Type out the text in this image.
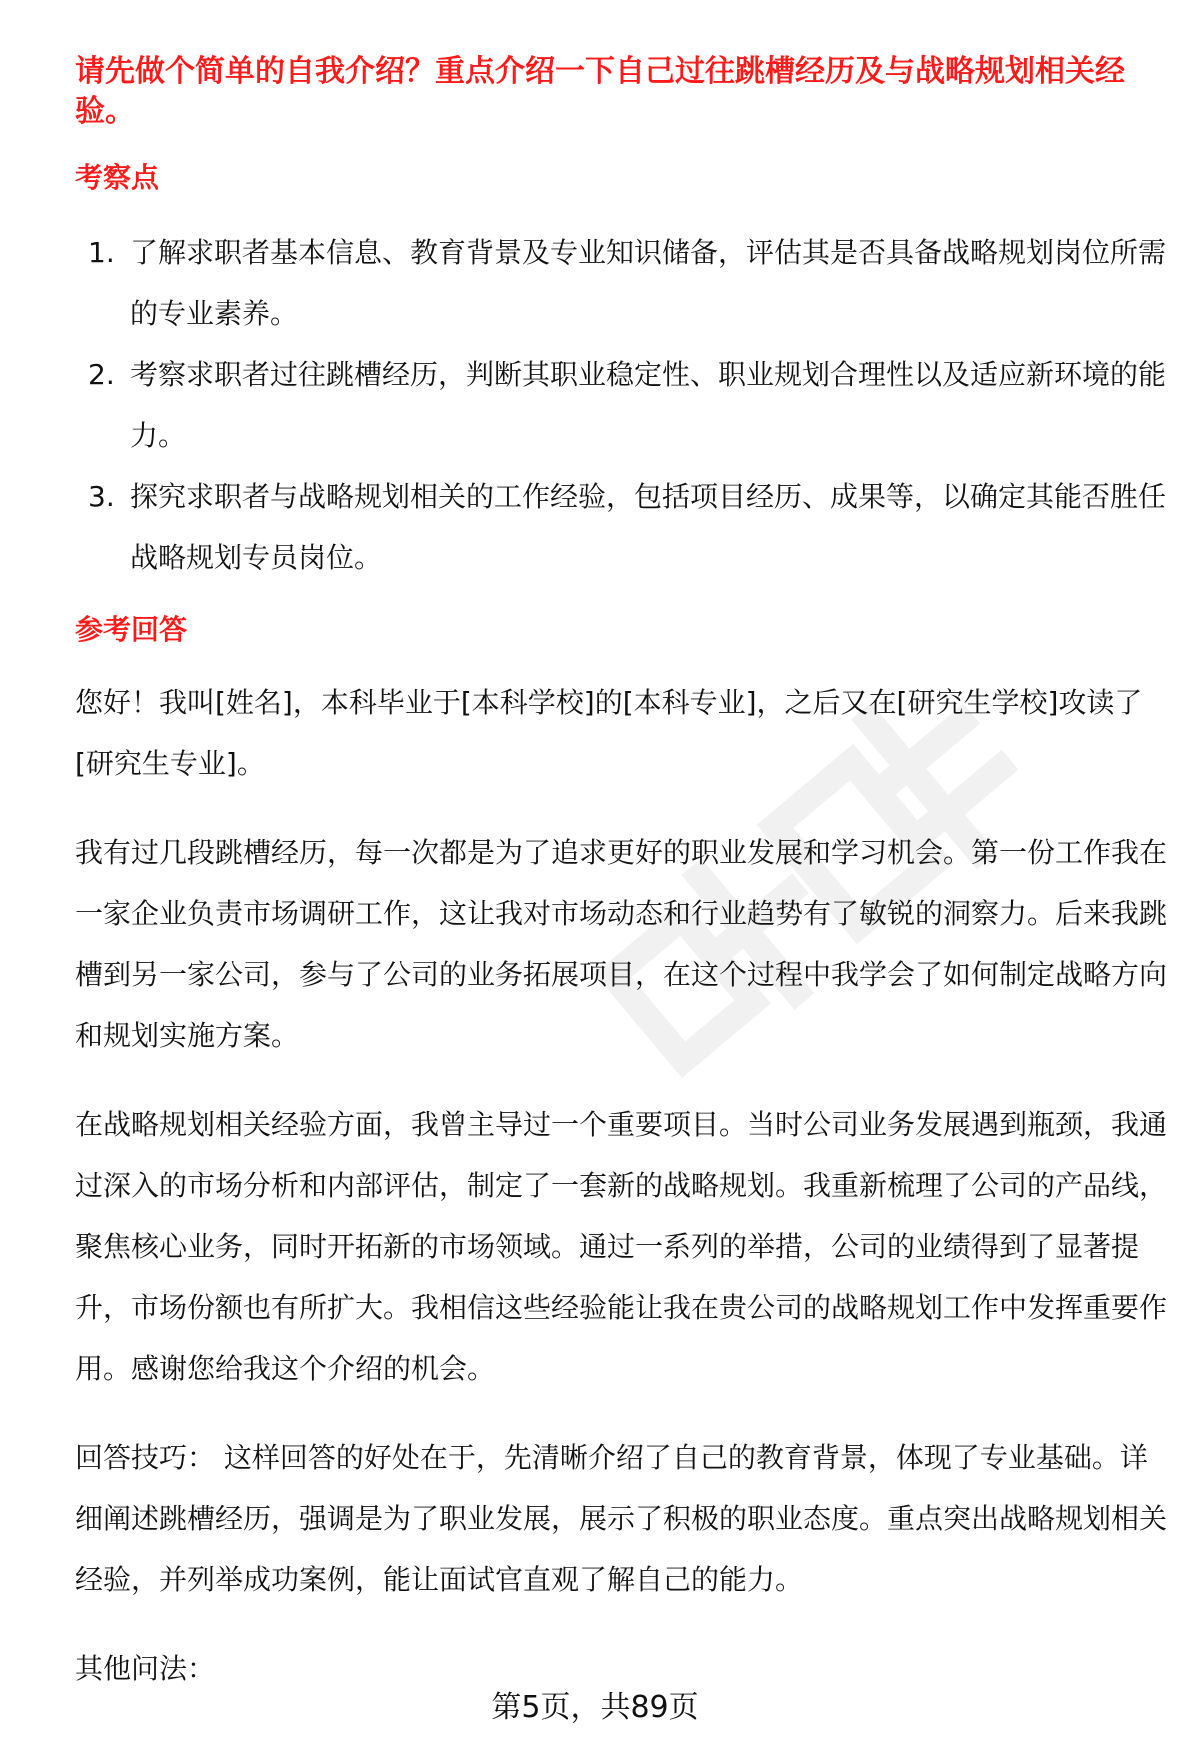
请先做个简单的自我介绍？重点介绍一下自己过往跳槽经历及与战略规划相关经验。

考察点
1. 了解求职者基本信息、教育背景及专业知识储备，评估其是否具备战略规划岗位所需的专业素养。
2. 考察求职者过往跳槽经历，判断其职业稳定性、职业规划合理性以及适应新环境的能力。
3. 探究求职者与战略规划相关的工作经验，包括项目经历、成果等，以确定其能否胜任战略规划专员岗位。
参考回答

您好！我叫[姓名]，本科毕业于[本科学校]的[本科专业]，之后又在[研究生学校]攻读了[研究生专业]。

我有过几段跳槽经历，每一次都是为了追求更好的职业发展和学习机会。第一份工作我在一家企业负责市场调研工作，这让我对市场动态和行业趋势有了敏锐的洞察力。后来我跳槽到另一家公司，参与了公司的业务拓展项目，在这个过程中我学会了如何制定战略方向和规划实施方案。

在战略规划相关经验方面，我曾主导过一个重要项目。当时公司业务发展遇到瓶颈，我通过深入的市场分析和内部评估，制定了一套新的战略规划。我重新梳理了公司的产品线，聚焦核心业务，同时开拓新的市场领域。通过一系列的举措，公司的业绩得到了显著提升，市场份额也有所扩大。我相信这些经验能让我在贵公司的战略规划工作中发挥重要作用。感谢您给我这个介绍的机会。

回答技巧： 这样回答的好处在于，先清晰介绍了自己的教育背景，体现了专业基础。详细阐述跳槽经历，强调是为了职业发展，展示了积极的职业态度。重点突出战略规划相关经验，并列举成功案例，能让面试官直观了解自己的能力。

其他问法：

第5页，共89页
